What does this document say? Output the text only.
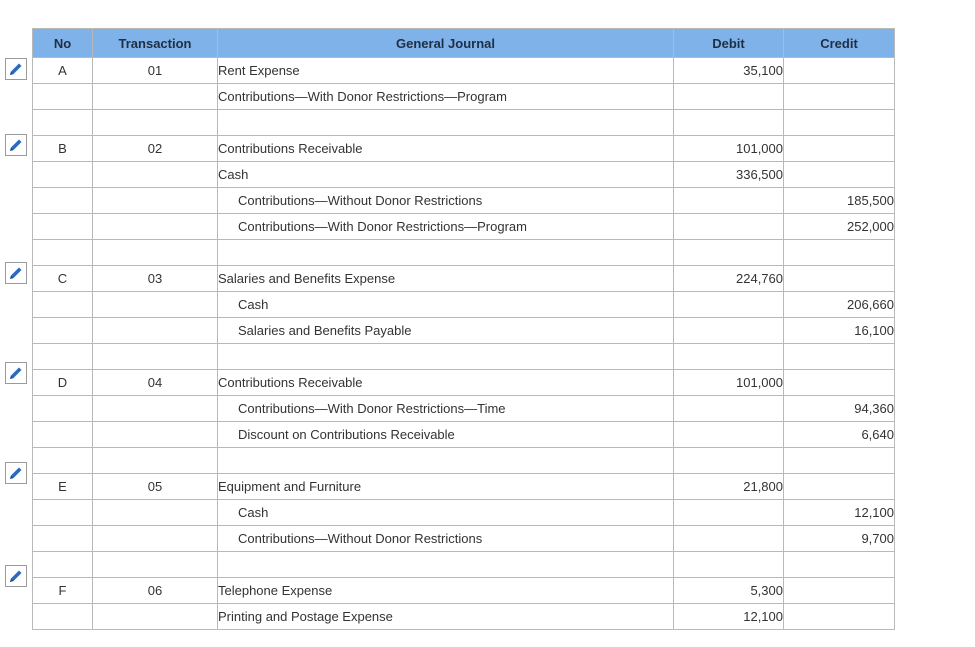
No	Transaction	General Journal	Debit	Credit
A	01	Rent Expense	35,100	
		Contributions—With Donor Restrictions—Program		

B	02	Contributions Receivable	101,000	
		Cash	336,500	
		Contributions—Without Donor Restrictions		185,500
		Contributions—With Donor Restrictions—Program		252,000

C	03	Salaries and Benefits Expense	224,760	
		Cash		206,660
		Salaries and Benefits Payable		16,100

D	04	Contributions Receivable	101,000	
		Contributions—With Donor Restrictions—Time		94,360
		Discount on Contributions Receivable		6,640

E	05	Equipment and Furniture	21,800	
		Cash		12,100
		Contributions—Without Donor Restrictions		9,700

F	06	Telephone Expense	5,300	
		Printing and Postage Expense	12,100	
